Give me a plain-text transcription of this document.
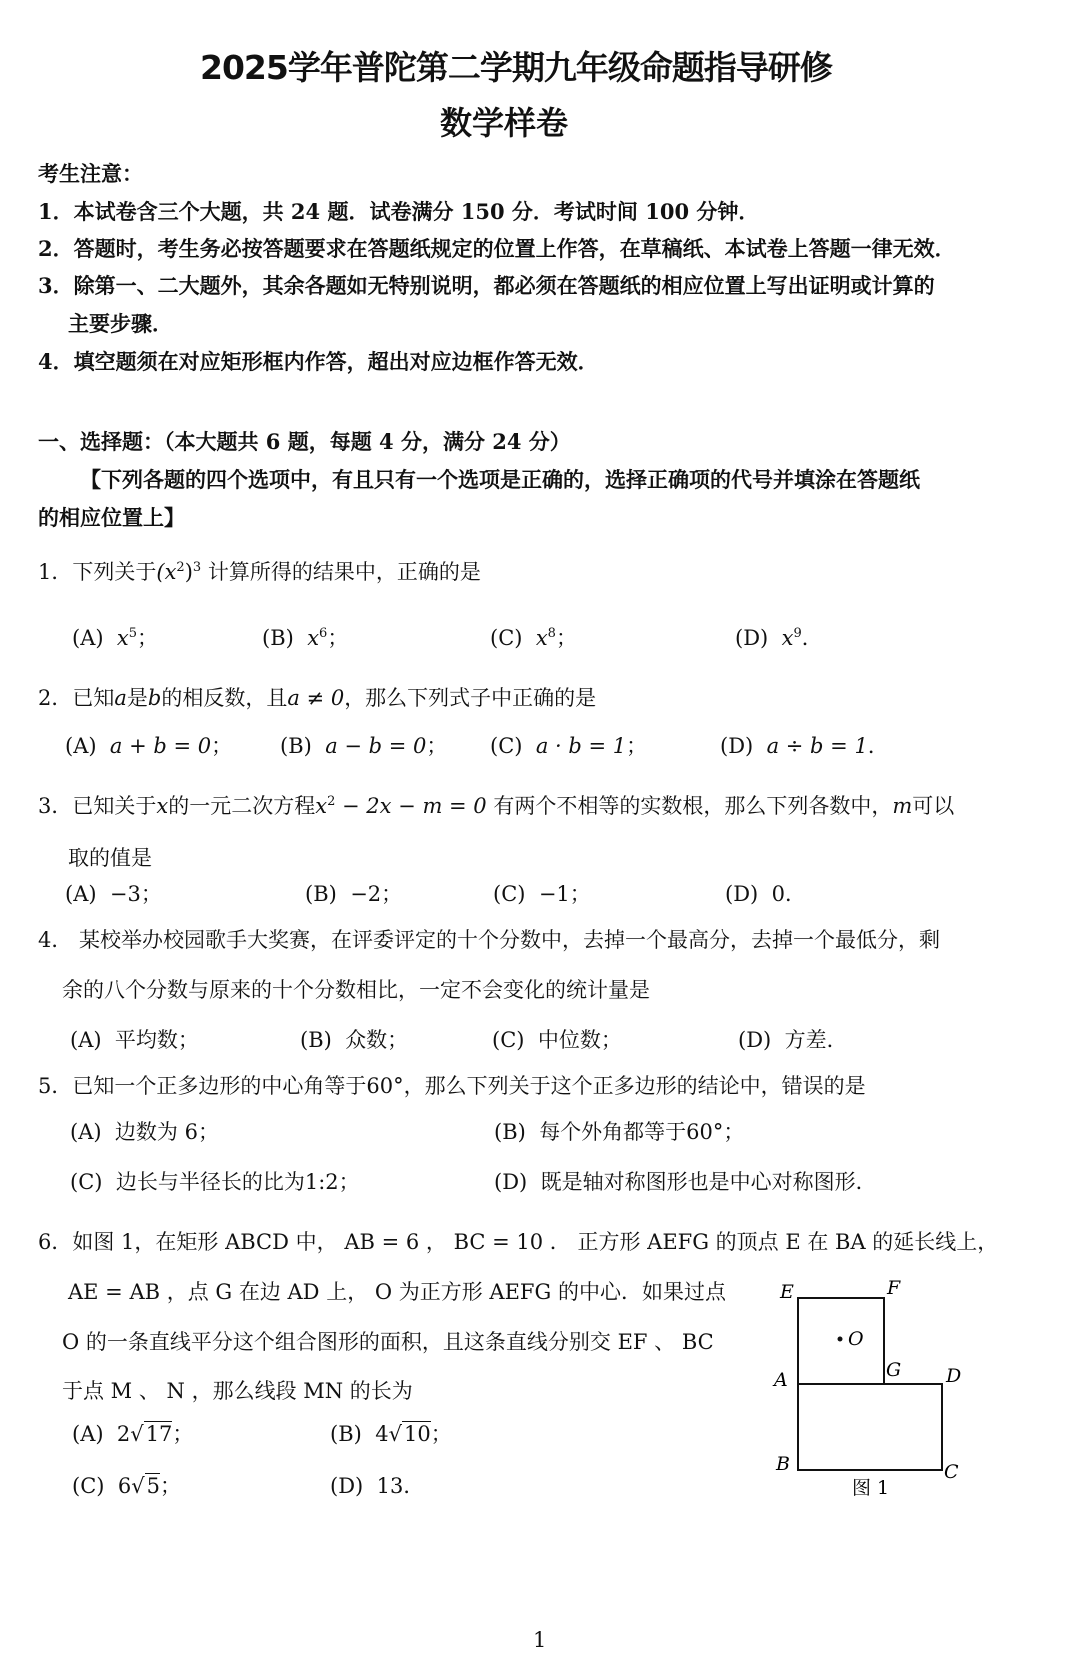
2025学年普陀第二学期九年级命题指导研修
数学样卷
考生注意：
1．本试卷含三个大题，共 24 题．试卷满分 150 分．考试时间 100 分钟．
2．答题时，考生务必按答题要求在答题纸规定的位置上作答，在草稿纸、本试卷上答题一律无效．
3．除第一、二大题外，其余各题如无特别说明，都必须在答题纸的相应位置上写出证明或计算的
主要步骤．
4．填空题须在对应矩形框内作答，超出对应边框作答无效．
一、选择题：（本大题共 6 题，每题 4 分，满分 24 分）
【下列各题的四个选项中，有且只有一个选项是正确的，选择正确项的代号并填涂在答题纸
的相应位置上】
1．下列关于$(x^2)^3$ 计算所得的结果中，正确的是
(A) $x^5$；	(B) $x^6$；	(C) $x^8$；	(D) $x^9$．
2．已知a是b的相反数，且a ≠ 0，那么下列式子中正确的是
(A) a + b = 0； (B) a − b = 0； (C) a · b = 1；	(D) a ÷ b = 1．
3．已知关于x的一元二次方程$x^2 - 2x - m = 0$ 有两个不相等的实数根，那么下列各数中，m可以
取的值是
(A) −3；	(B) −2；	(C) −1；	(D) 0．
4． 某校举办校园歌手大奖赛，在评委评定的十个分数中，去掉一个最高分，去掉一个最低分，剩
余的八个分数与原来的十个分数相比，一定不会变化的统计量是
(A) 平均数；	(B) 众数；	(C) 中位数；	(D) 方差．
5．已知一个正多边形的中心角等于60°，那么下列关于这个正多边形的结论中，错误的是
(A) 边数为 6；	(B) 每个外角都等于60°；
(C) 边长与半径长的比为1:2；	(D) 既是轴对称图形也是中心对称图形．
6．如图 1，在矩形 ABCD 中， AB = 6 ， BC = 10 ． 正方形 AEFG 的顶点 E 在 BA 的延长线上，
AE = AB ，点 G 在边 AD 上， O 为正方形 AEFG 的中心．如果过点
O 的一条直线平分这个组合图形的面积，且这条直线分别交 EF 、 BC
于点 M 、 N ，那么线段 MN 的长为
(A) 2√17；	(B) 4√10；
(C) 6√5；	(D) 13．
E	F
O
G
A	D
B	C
图 1
1
